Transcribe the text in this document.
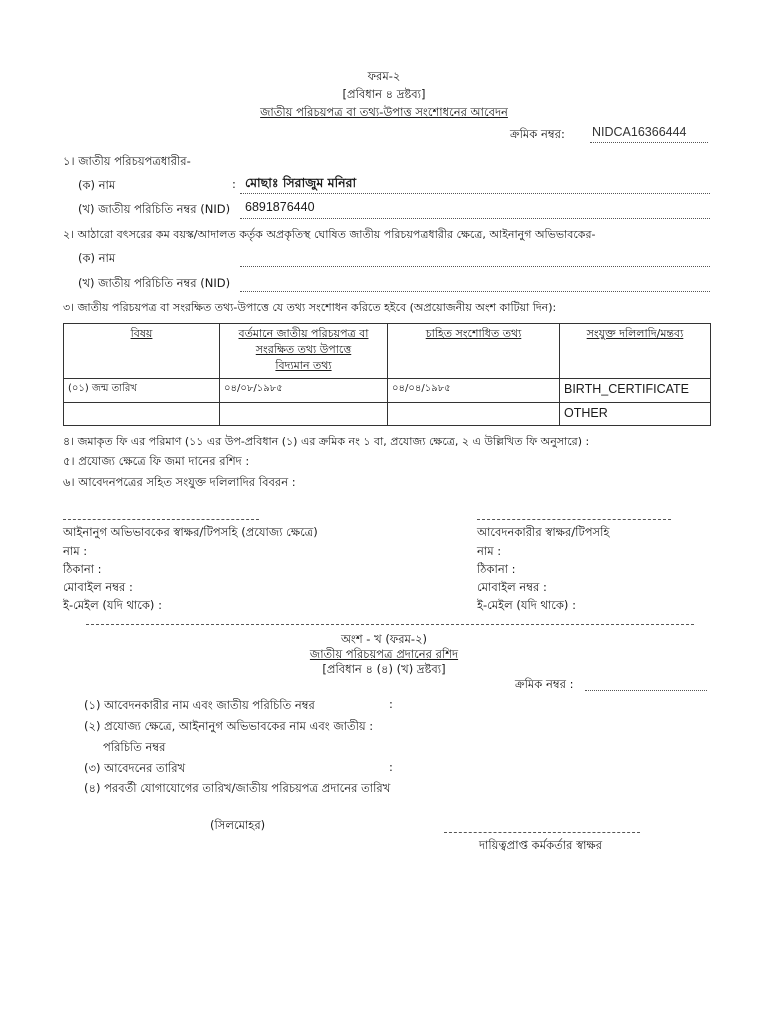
ফরম-২
[প্রবিধান ৪ দ্রষ্টব্য]
জাতীয় পরিচয়পত্র বা তথ্য-উপাত্ত সংশোধনের আবেদন
ক্রমিক নম্বর: NIDCA16366444
১। জাতীয় পরিচয়পত্রধারীর-
(ক) নাম	: মোছাঃ সিরাজুম মনিরা
(খ) জাতীয় পরিচিতি নম্বর (NID) 6891876440
২। আঠারো বৎসরের কম বয়স্ক/আদালত কর্তৃক অপ্রকৃতিস্থ ঘোষিত জাতীয় পরিচয়পত্রধারীর ক্ষেত্রে, আইনানুগ অভিভাবকের-
(ক) নাম
(খ) জাতীয় পরিচিতি নম্বর (NID)
৩। জাতীয় পরিচয়পত্র বা সংরক্ষিত তথ্য-উপাত্তে যে তথ্য সংশোধন করিতে হইবে (অপ্রয়োজনীয় অংশ কাটিয়া দিন):
বিষয়	বর্তমানে জাতীয় পরিচয়পত্র বা
সংরক্ষিত তথ্য উপাত্তে
বিদ্যমান তথ্য	চাহিত সংশোধিত তথ্য	সংযুক্ত দলিলাদি/মন্তব্য
(০১) জন্ম তারিখ	০৪/০৮/১৯৮৫	০৪/০৪/১৯৮৫	BIRTH_CERTIFICATE
			OTHER
৪। জমাকৃত ফি এর পরিমাণ (১১ এর উপ-প্রবিধান (১) এর ক্রমিক নং ১ বা, প্রযোজ্য ক্ষেত্রে, ২ এ উল্লিখিত ফি অনুসারে) :
৫। প্রযোজ্য ক্ষেত্রে ফি জমা দানের রশিদ :
৬। আবেদনপত্রের সহিত সংযুক্ত দলিলাদির বিবরন :
আইনানুগ অভিভাবকের স্বাক্ষর/টিপসহি (প্রযোজ্য ক্ষেত্রে)
নাম :
ঠিকানা :
মোবাইল নম্বর :
ই-মেইল (যদি থাকে) :
আবেদনকারীর স্বাক্ষর/টিপসহি
নাম :
ঠিকানা :
মোবাইল নম্বর :
ই-মেইল (যদি থাকে) :
অংশ - খ (ফরম-২)
জাতীয় পরিচয়পত্র প্রদানের রশিদ
[প্রবিধান ৪ (৪) (খ) দ্রষ্টব্য]
ক্রমিক নম্বর :
(১) আবেদনকারীর নাম এবং জাতীয় পরিচিতি নম্বর	:
(২) প্রযোজ্য ক্ষেত্রে, আইনানুগ অভিভাবকের নাম এবং জাতীয় :
পরিচিতি নম্বর
(৩) আবেদনের তারিখ	:
(৪) পরবর্তী যোগাযোগের তারিখ/জাতীয় পরিচয়পত্র প্রদানের তারিখ
(সিলমোহর)
দায়িত্বপ্রাপ্ত কর্মকর্তার স্বাক্ষর
